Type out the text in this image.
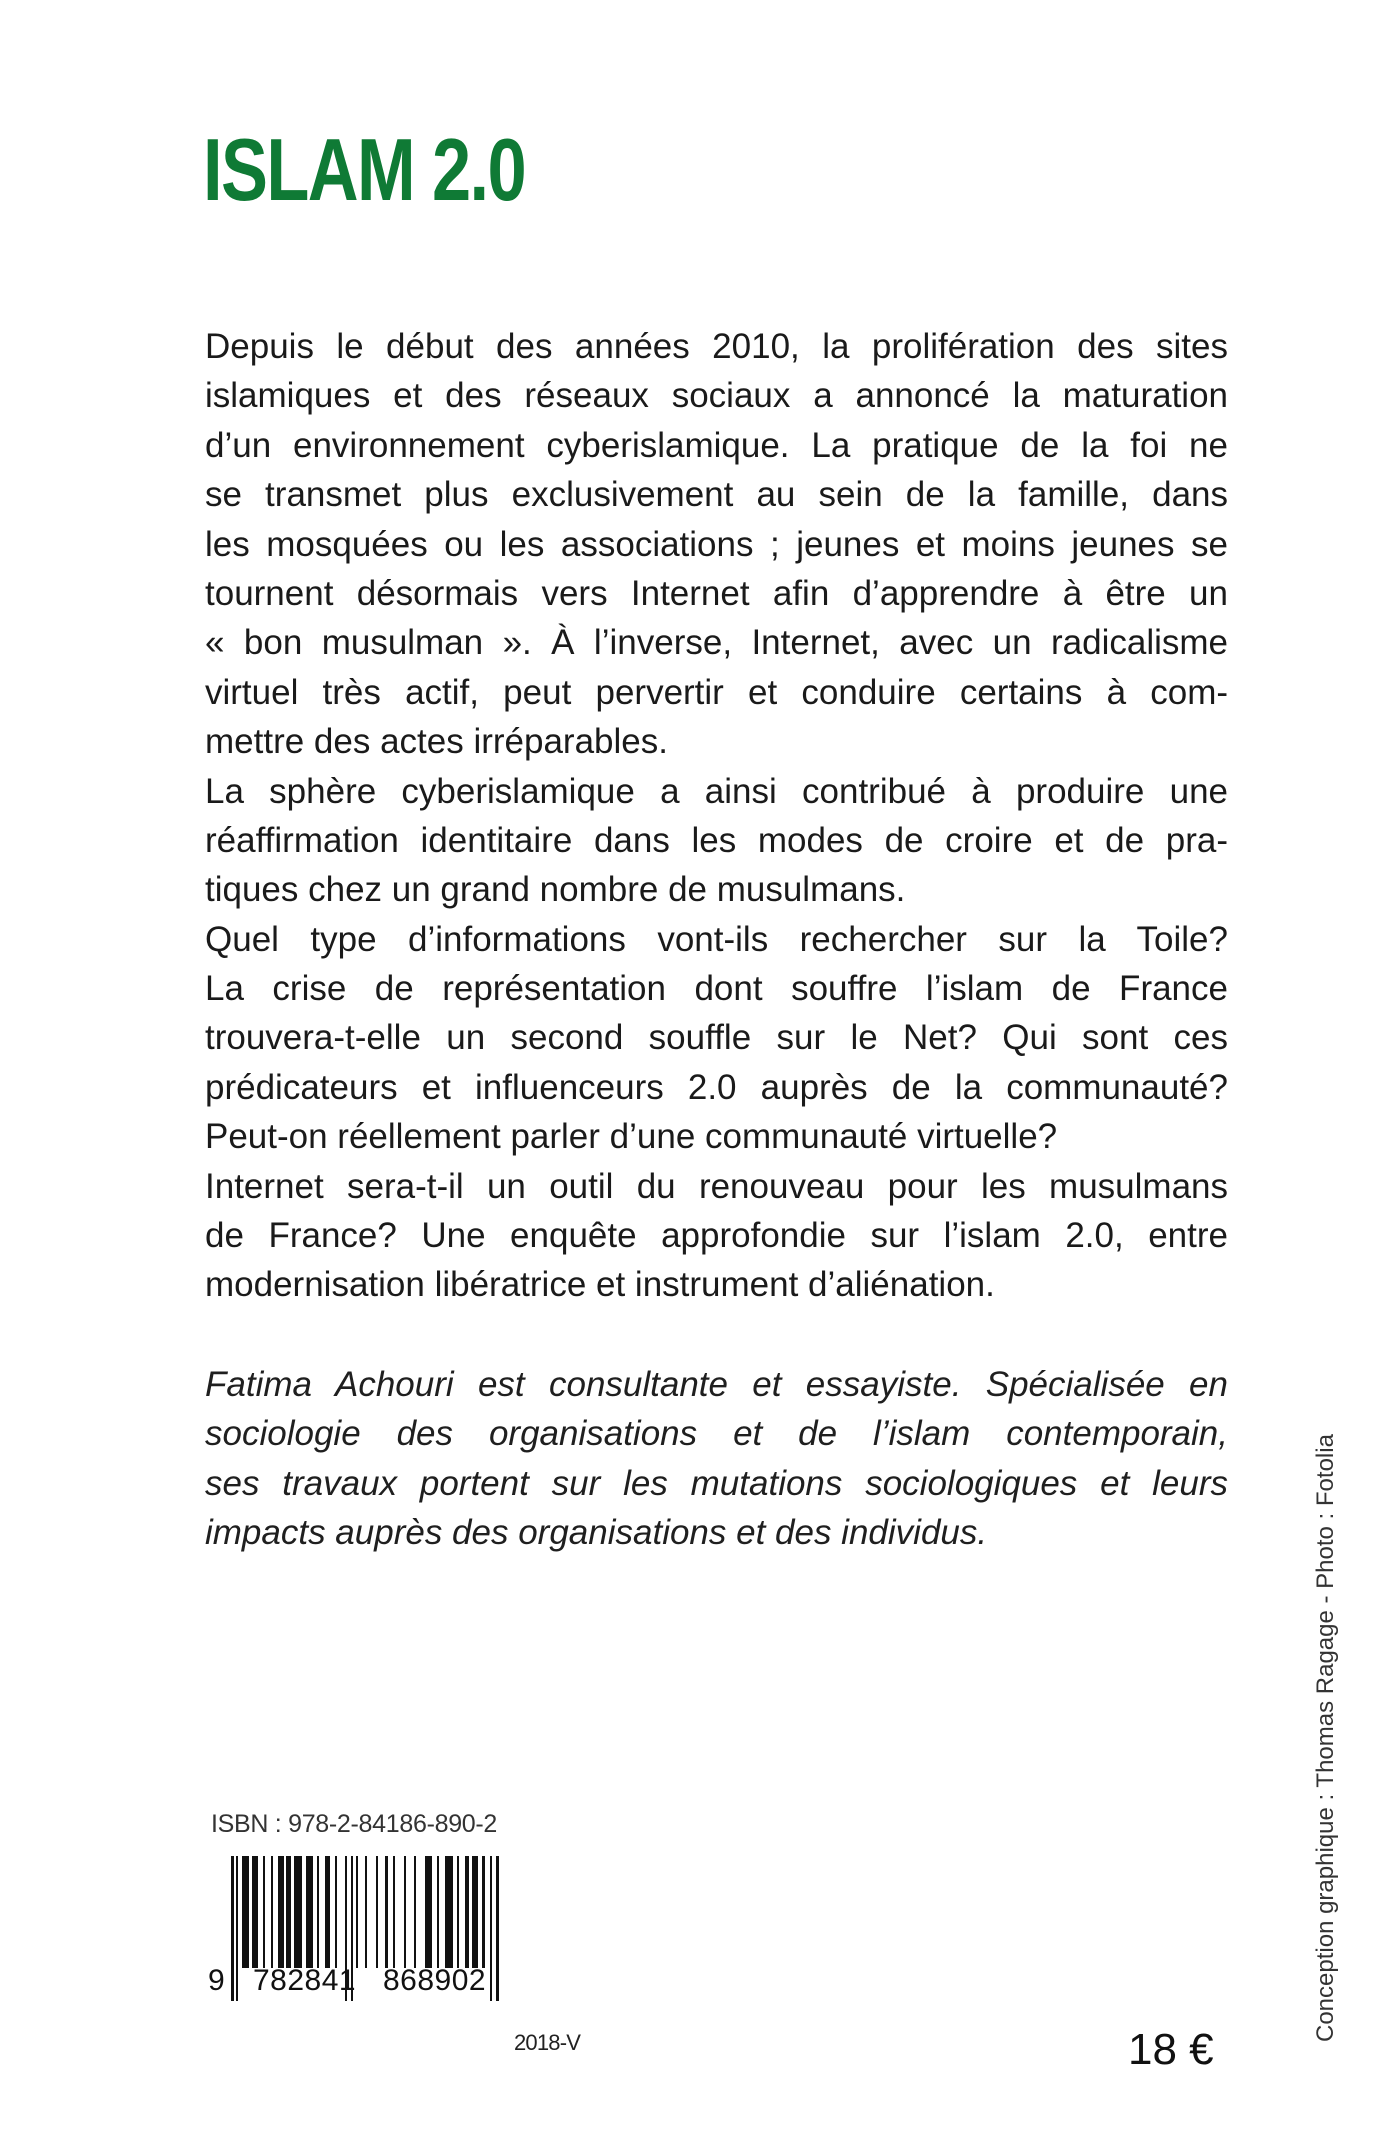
ISLAM 2.0
Depuis le début des années 2010, la prolifération des sites
islamiques et des réseaux sociaux a annoncé la maturation
d’un environnement cyberislamique. La pratique de la foi ne
se transmet plus exclusivement au sein de la famille, dans
les mosquées ou les associations ; jeunes et moins jeunes se
tournent désormais vers Internet afin d’apprendre à être un
« bon musulman ». À l’inverse, Internet, avec un radicalisme
virtuel très actif, peut pervertir et conduire certains à com-
mettre des actes irréparables.
La sphère cyberislamique a ainsi contribué à produire une
réaffirmation identitaire dans les modes de croire et de pra-
tiques chez un grand nombre de musulmans.
Quel type d’informations vont-ils rechercher sur la Toile?
La crise de représentation dont souffre l’islam de France
trouvera-t-elle un second souffle sur le Net? Qui sont ces
prédicateurs et influenceurs 2.0 auprès de la communauté?
Peut-on réellement parler d’une communauté virtuelle?
Internet sera-t-il un outil du renouveau pour les musulmans
de France? Une enquête approfondie sur l’islam 2.0, entre
modernisation libératrice et instrument d’aliénation.
Fatima Achouri est consultante et essayiste. Spécialisée en
sociologie des organisations et de l’islam contemporain,
ses travaux portent sur les mutations sociologiques et leurs
impacts auprès des organisations et des individus.
ISBN : 978-2-84186-890-2
9 782841 868902
2018-V	18 €
Conception graphique : Thomas Ragage - Photo : Fotolia
